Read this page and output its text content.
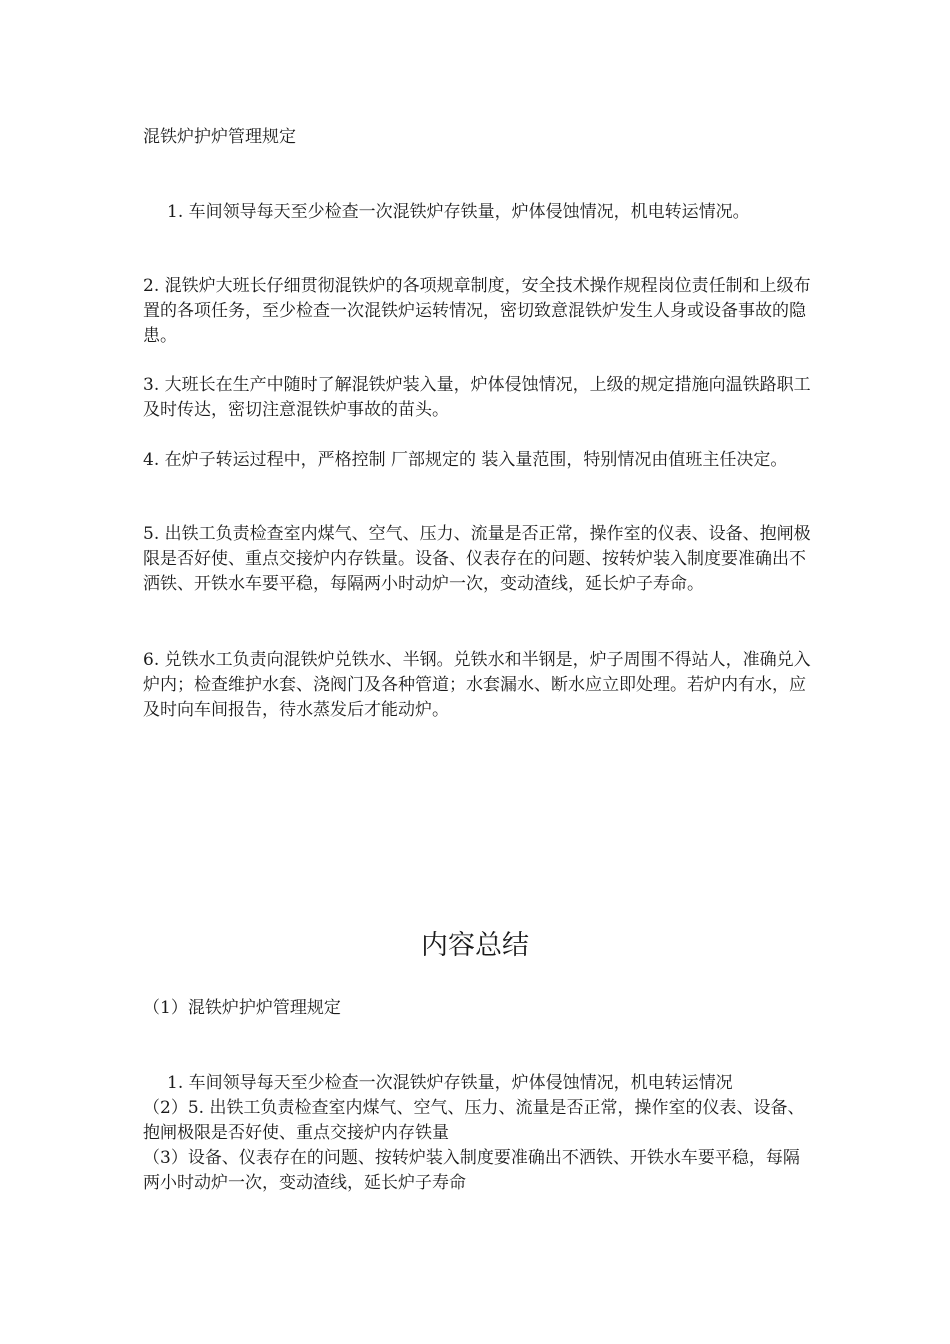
混铁炉护炉管理规定

1. 车间领导每天至少检查一次混铁炉存铁量，炉体侵蚀情况，机电转运情况。

2. 混铁炉大班长仔细贯彻混铁炉的各项规章制度，安全技术操作规程岗位责任制和上级布置的各项任务，至少检查一次混铁炉运转情况，密切致意混铁炉发生人身或设备事故的隐患。

3. 大班长在生产中随时了解混铁炉装入量，炉体侵蚀情况，上级的规定措施向温铁路职工及时传达，密切注意混铁炉事故的苗头。

4. 在炉子转运过程中，严格控制 厂部规定的 装入量范围，特别情况由值班主任决定。

5. 出铁工负责检查室内煤气、空气、压力、流量是否正常，操作室的仪表、设备、抱闸极限是否好使、重点交接炉内存铁量。设备、仪表存在的问题、按转炉装入制度要准确出不洒铁、开铁水车要平稳，每隔两小时动炉一次，变动渣线，延长炉子寿命。

6. 兑铁水工负责向混铁炉兑铁水、半钢。兑铁水和半钢是，炉子周围不得站人，准确兑入炉内；检查维护水套、浇阀门及各种管道；水套漏水、断水应立即处理。若炉内有水，应及时向车间报告，待水蒸发后才能动炉。

内容总结

（1）混铁炉护炉管理规定

1. 车间领导每天至少检查一次混铁炉存铁量，炉体侵蚀情况，机电转运情况
（2）5. 出铁工负责检查室内煤气、空气、压力、流量是否正常，操作室的仪表、设备、抱闸极限是否好使、重点交接炉内存铁量
（3）设备、仪表存在的问题、按转炉装入制度要准确出不洒铁、开铁水车要平稳，每隔两小时动炉一次，变动渣线，延长炉子寿命
